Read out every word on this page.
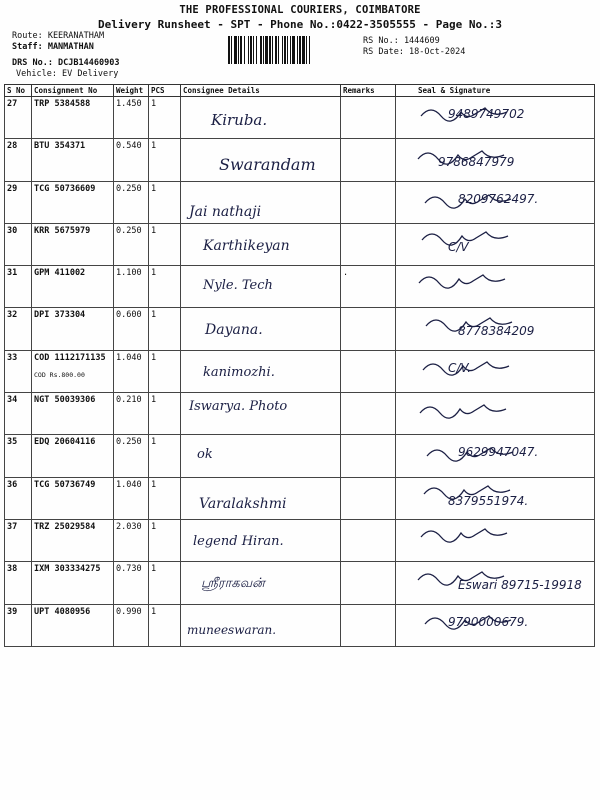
THE PROFESSIONAL COURIERS, COIMBATORE
Delivery Runsheet - SPT - Phone No.:0422-3505555 - Page No.:3
Route: KEERANATHAM
Staff: MANMATHAN
DRS No.: DCJB14460903
Vehicle: EV Delivery
RS No.: 1444609
RS Date: 18-Oct-2024
S No	Consignment No	Weight	PCS	Consignee Details	Remarks	Seal & Signature
27	TRP 5384588	1.450	1	Kiruba.		9489749702

28	BTU 354371	0.540	1	Swarandam		9786847979

29	TCG 50736609	0.250	1	Jai nathaji		8209762497.

30	KRR 5675979	0.250	1	Karthikeyan		C/V

31	GPM 411002	1.100	1	Nyle. Tech	.	

32	DPI 373304	0.600	1	Dayana.		8778384209

33	COD 1112171135
COD Rs.800.00	1.040	1	kanimozhi.		C/V.

34	NGT 50039306	0.210	1	Iswarya. Photo

35	EDQ 20604116	0.250	1	ok		9629947047.

36	TCG 50736749	1.040	1	Varalakshmi		8379551974.

37	TRZ 25029584	2.030	1	legend Hiran.

38	IXM 303334275	0.730	1	ஸ்ரீராகவன்		Eswari 89715-19918

39	UPT 4080956	0.990	1	muneeswaran.		9790000679.
